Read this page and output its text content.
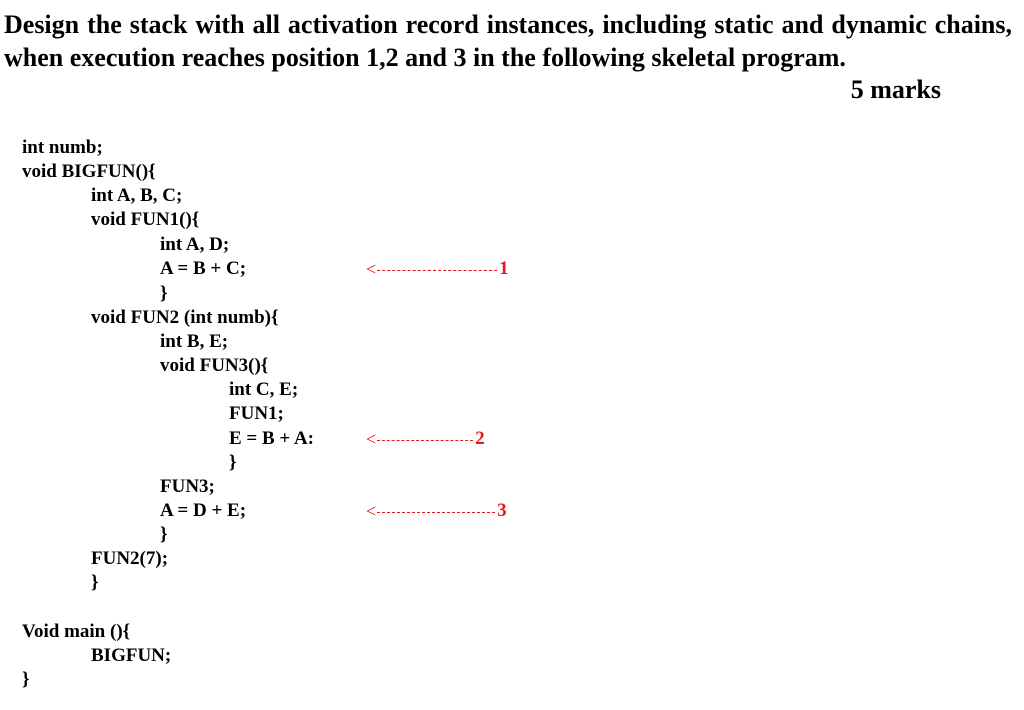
Design the stack with all activation record instances, including static and dynamic chains, when execution reaches position 1,2 and 3 in the following skeletal program.

5 marks
int numb;
void BIGFUN(){
int A, B, C;
void FUN1(){
int A, D;
A = B + C;
}
void FUN2 (int numb){
int B, E;
void FUN3(){
int C, E;
FUN1;
E = B + A:
}
FUN3;
A = D + E;
}
FUN2(7);
}
Void main (){
BIGFUN;
}
<	1
<	2
<	3
